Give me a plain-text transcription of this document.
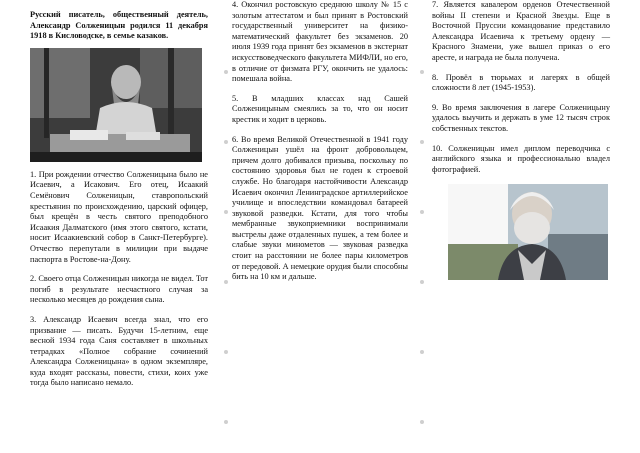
Русский писатель, общественный деятель, Александр Солженицын родился 11 декабря 1918 в Кисловодске, в семье казаков.

1. При рождении отчество Солженицына было не Исаевич, а Исакович. Его отец, Исаакий Семёнович Солженицын, ставропольский крестьянин по происхождению, царский офицер, был крещён в честь святого преподобного Исаакия Далматского (имя этого святого, кстати, носит Исаакиевский собор в Санкт-Петербурге). Отчество перепутали в милиции при выдаче паспорта в Ростове-на-Дону.

2. Своего отца Солженицын никогда не видел. Тот погиб в результате несчастного случая за несколько месяцев до рождения сына.

3. Александр Исаевич всегда знал, что его призвание — писать. Будучи 15-летним, еще весной 1934 года Саня составляет в школьных тетрадках «Полное собрание сочинений Александра Солженицына» в одном экземпляре, куда входят рассказы, повести, стихи, коих уже тогда было написано немало.

4. Окончил ростовскую среднюю школу № 15 с золотым аттестатом и был принят в Ростовский государственный университет на физико-математический факультет без экзаменов. 20 июля 1939 года принят без экзаменов в экстернат искусствоведческого факультета МИФЛИ, но его, в отличие от физмата РГУ, окончить не удалось: помешала война.

5. В младших классах над Сашей Солженицыным смеялись за то, что он носит крестик и ходит в церковь.

6. Во время Великой Отечественной в 1941 году Солженицын ушёл на фронт добровольцем, причем долго добивался призыва, поскольку по состоянию здоровья был не годен к строевой службе. Но благодаря настойчивости Александр Исаевич окончил Ленинградское артиллерийское училище и впоследствии командовал батареей звуковой разведки. Кстати, для того чтобы мембранные звукоприемники воспринимали выстрелы даже отдаленных пушек, а тем более и слабые звуки минометов — звуковая разведка стоит на расстоянии не более пары километров от передовой. А немецкие орудия были способны бить на 10 км и дальше.

7. Является кавалером орденов Отечественной войны II степени и Красной Звезды. Еще в Восточной Пруссии командование представило Александра Исаевича к третьему ордену — Красного Знамени, уже вышел приказ о его аресте, и награда не была получена.

8. Провёл в тюрьмах и лагерях в общей сложности 8 лет (1945-1953).

9. Во время заключения в лагере Солженицыну удалось выучить и держать в уме 12 тысяч строк собственных текстов.

10. Солженицын имел диплом переводчика с английского языка и профессионально владел фотографией.
